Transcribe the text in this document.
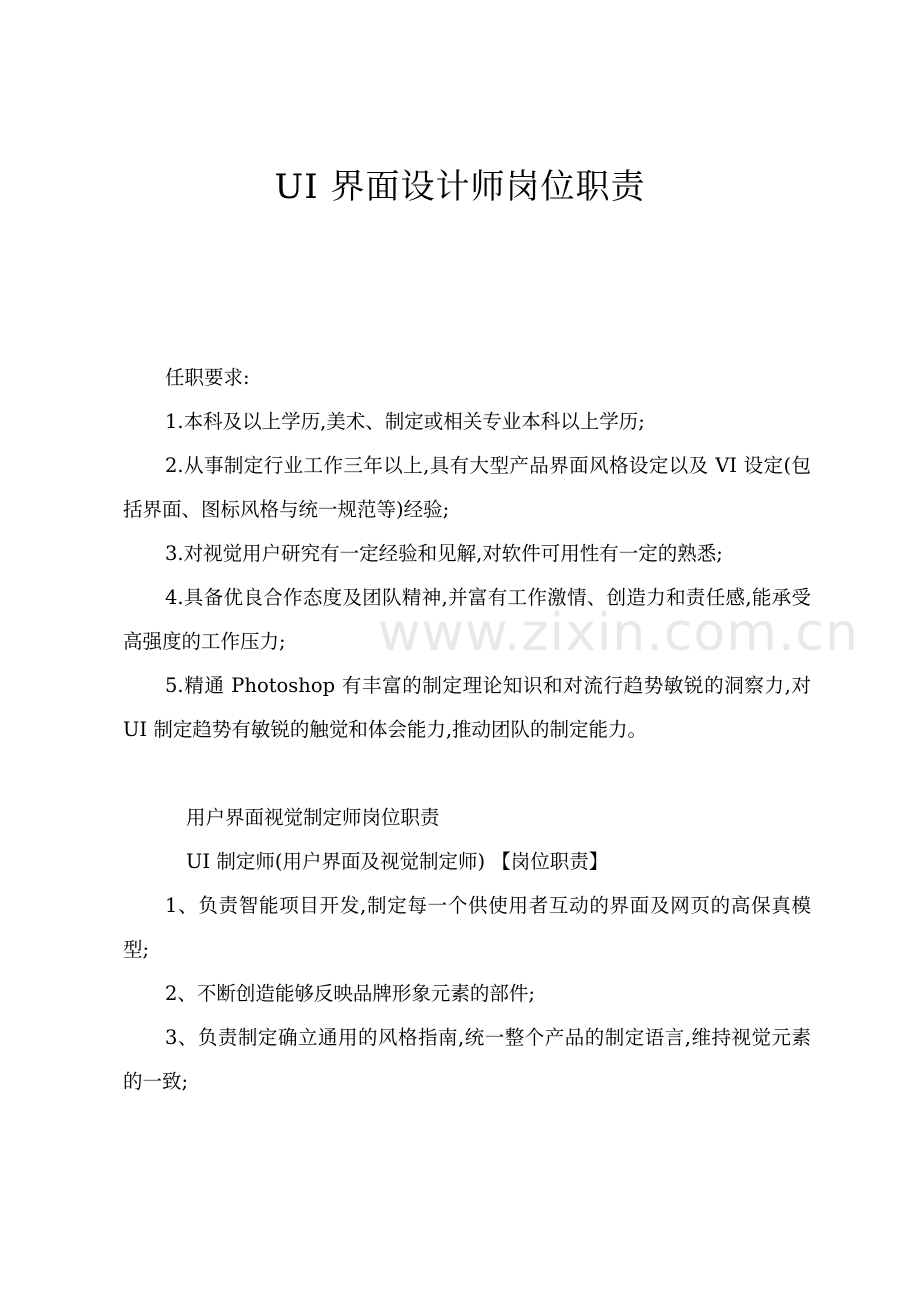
UI 界面设计师岗位职责
www.zixin.com.cn

任职要求:

1.本科及以上学历,美术、制定或相关专业本科以上学历;

2.从事制定行业工作三年以上,具有大型产品界面风格设定以及 VI 设定(包括界面、图标风格与统一规范等)经验;

3.对视觉用户研究有一定经验和见解,对软件可用性有一定的熟悉;

4.具备优良合作态度及团队精神,并富有工作激情、创造力和责任感,能承受高强度的工作压力;

5.精通 Photoshop 有丰富的制定理论知识和对流行趋势敏锐的洞察力,对 UI 制定趋势有敏锐的触觉和体会能力,推动团队的制定能力。

用户界面视觉制定师岗位职责

UI 制定师(用户界面及视觉制定师) 【岗位职责】

1、负责智能项目开发,制定每一个供使用者互动的界面及网页的高保真模型;

2、不断创造能够反映品牌形象元素的部件;

3、负责制定确立通用的风格指南,统一整个产品的制定语言,维持视觉元素的一致;
